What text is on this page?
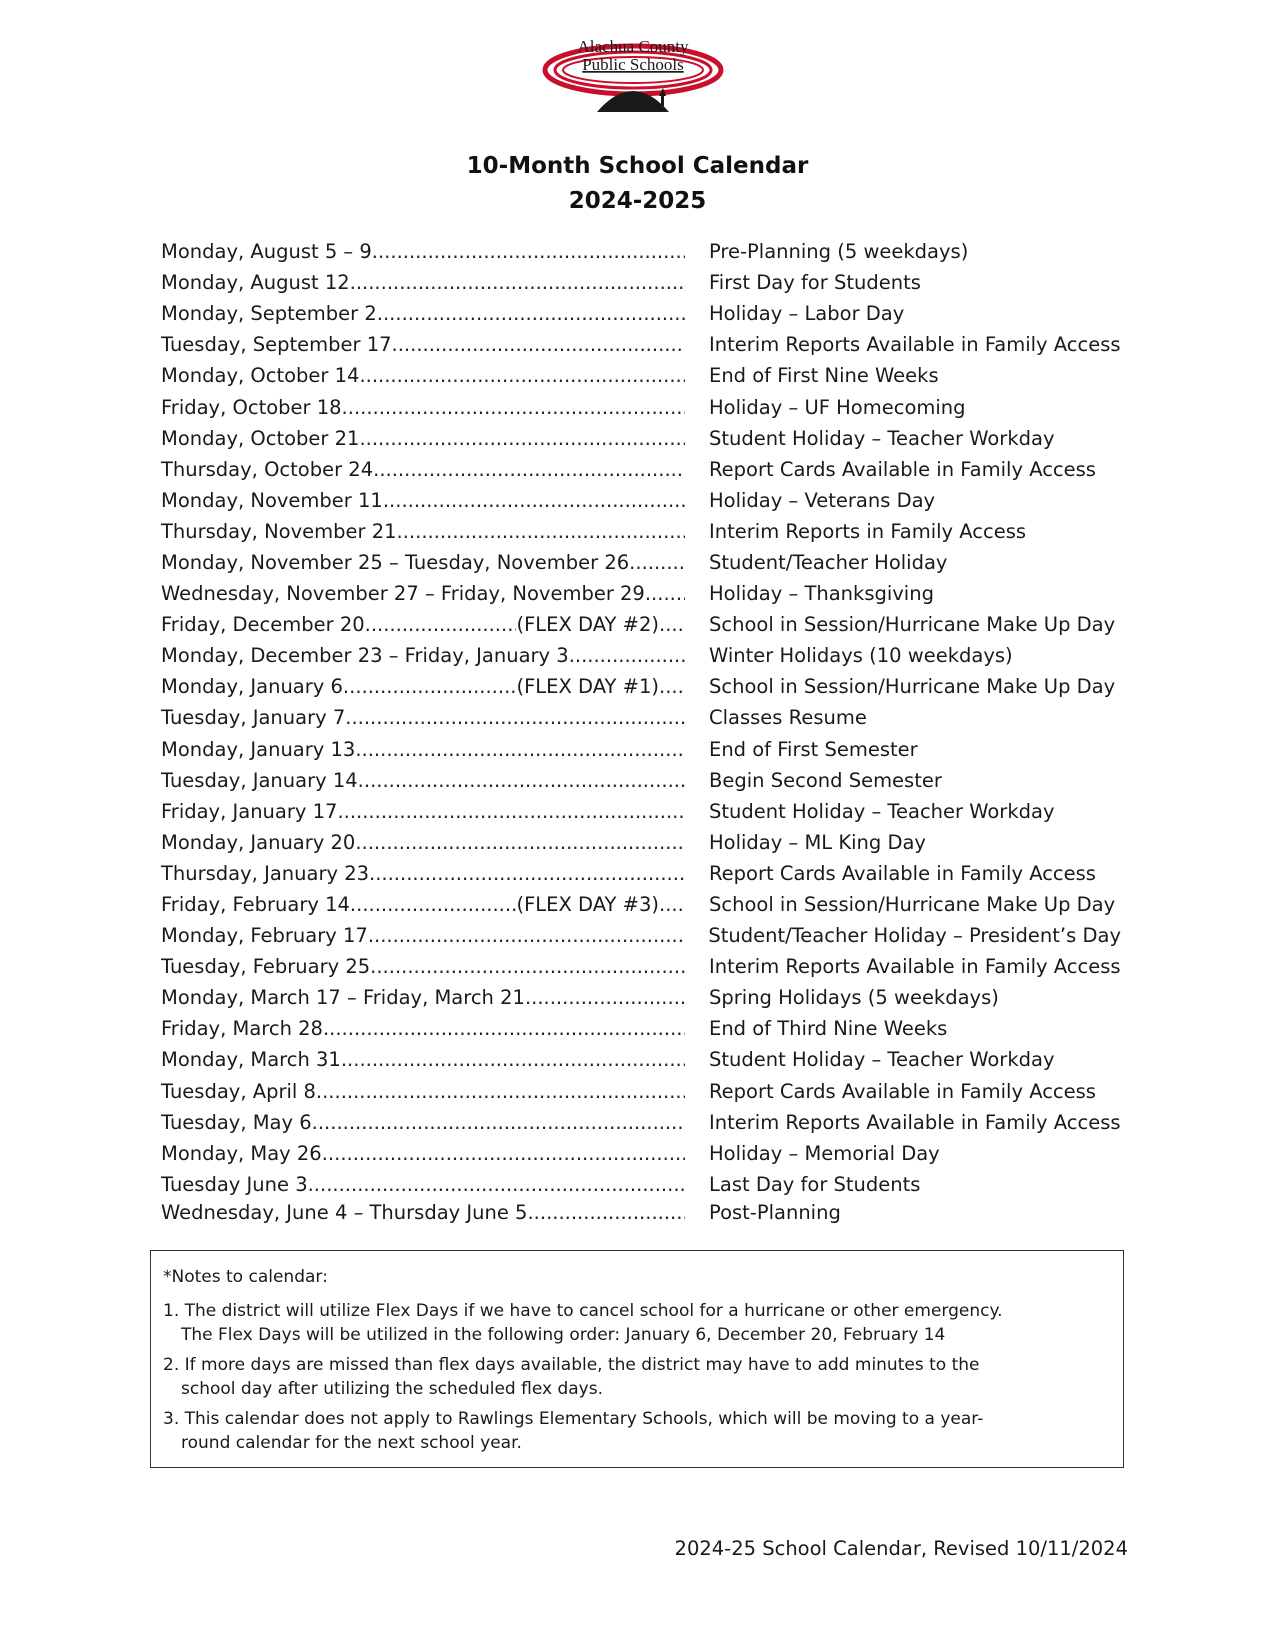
Alachua County
Public Schools
10-Month School Calendar
2024-2025
Monday, August 5 – 9 .....	Pre-Planning (5 weekdays)
Monday, August 12 .....	First Day for Students
Monday, September 2 .....	Holiday – Labor Day
Tuesday, September 17 .....	Interim Reports Available in Family Access
Monday, October 14 .....	End of First Nine Weeks
Friday, October 18 .....	Holiday – UF Homecoming
Monday, October 21 .....	Student Holiday – Teacher Workday
Thursday, October 24 .....	Report Cards Available in Family Access
Monday, November 11 .....	Holiday – Veterans Day
Thursday, November 21 .....	Interim Reports in Family Access
Monday, November 25 – Tuesday, November 26 .....	Student/Teacher Holiday
Wednesday, November 27 – Friday, November 29 .....	Holiday – Thanksgiving
Friday, December 20 .....	(FLEX DAY #2) .....	School in Session/Hurricane Make Up Day
Monday, December 23 – Friday, January 3 .....	Winter Holidays (10 weekdays)
Monday, January 6 .....	(FLEX DAY #1) .....	School in Session/Hurricane Make Up Day
Tuesday, January 7 .....	Classes Resume
Monday, January 13 .....	End of First Semester
Tuesday, January 14 .....	Begin Second Semester
Friday, January 17 .....	Student Holiday – Teacher Workday
Monday, January 20 .....	Holiday – ML King Day
Thursday, January 23 .....	Report Cards Available in Family Access
Friday, February 14 .....	(FLEX DAY #3) .....	School in Session/Hurricane Make Up Day
Monday, February 17 .....	Student/Teacher Holiday – President’s Day
Tuesday, February 25 .....	Interim Reports Available in Family Access
Monday, March 17 – Friday, March 21 .....	Spring Holidays (5 weekdays)
Friday, March 28 .....	End of Third Nine Weeks
Monday, March 31 .....	Student Holiday – Teacher Workday
Tuesday, April 8 .....	Report Cards Available in Family Access
Tuesday, May 6 .....	Interim Reports Available in Family Access
Monday, May 26 .....	Holiday – Memorial Day
Tuesday June 3 .....	Last Day for Students
Wednesday, June 4 – Thursday June 5 .....	Post-Planning
*Notes to calendar:
1. The district will utilize Flex Days if we have to cancel school for a hurricane or other emergency. The Flex Days will be utilized in the following order: January 6, December 20, February 14
2. If more days are missed than flex days available, the district may have to add minutes to the school day after utilizing the scheduled flex days.
3. This calendar does not apply to Rawlings Elementary Schools, which will be moving to a year-round calendar for the next school year.
2024-25 School Calendar, Revised 10/11/2024
